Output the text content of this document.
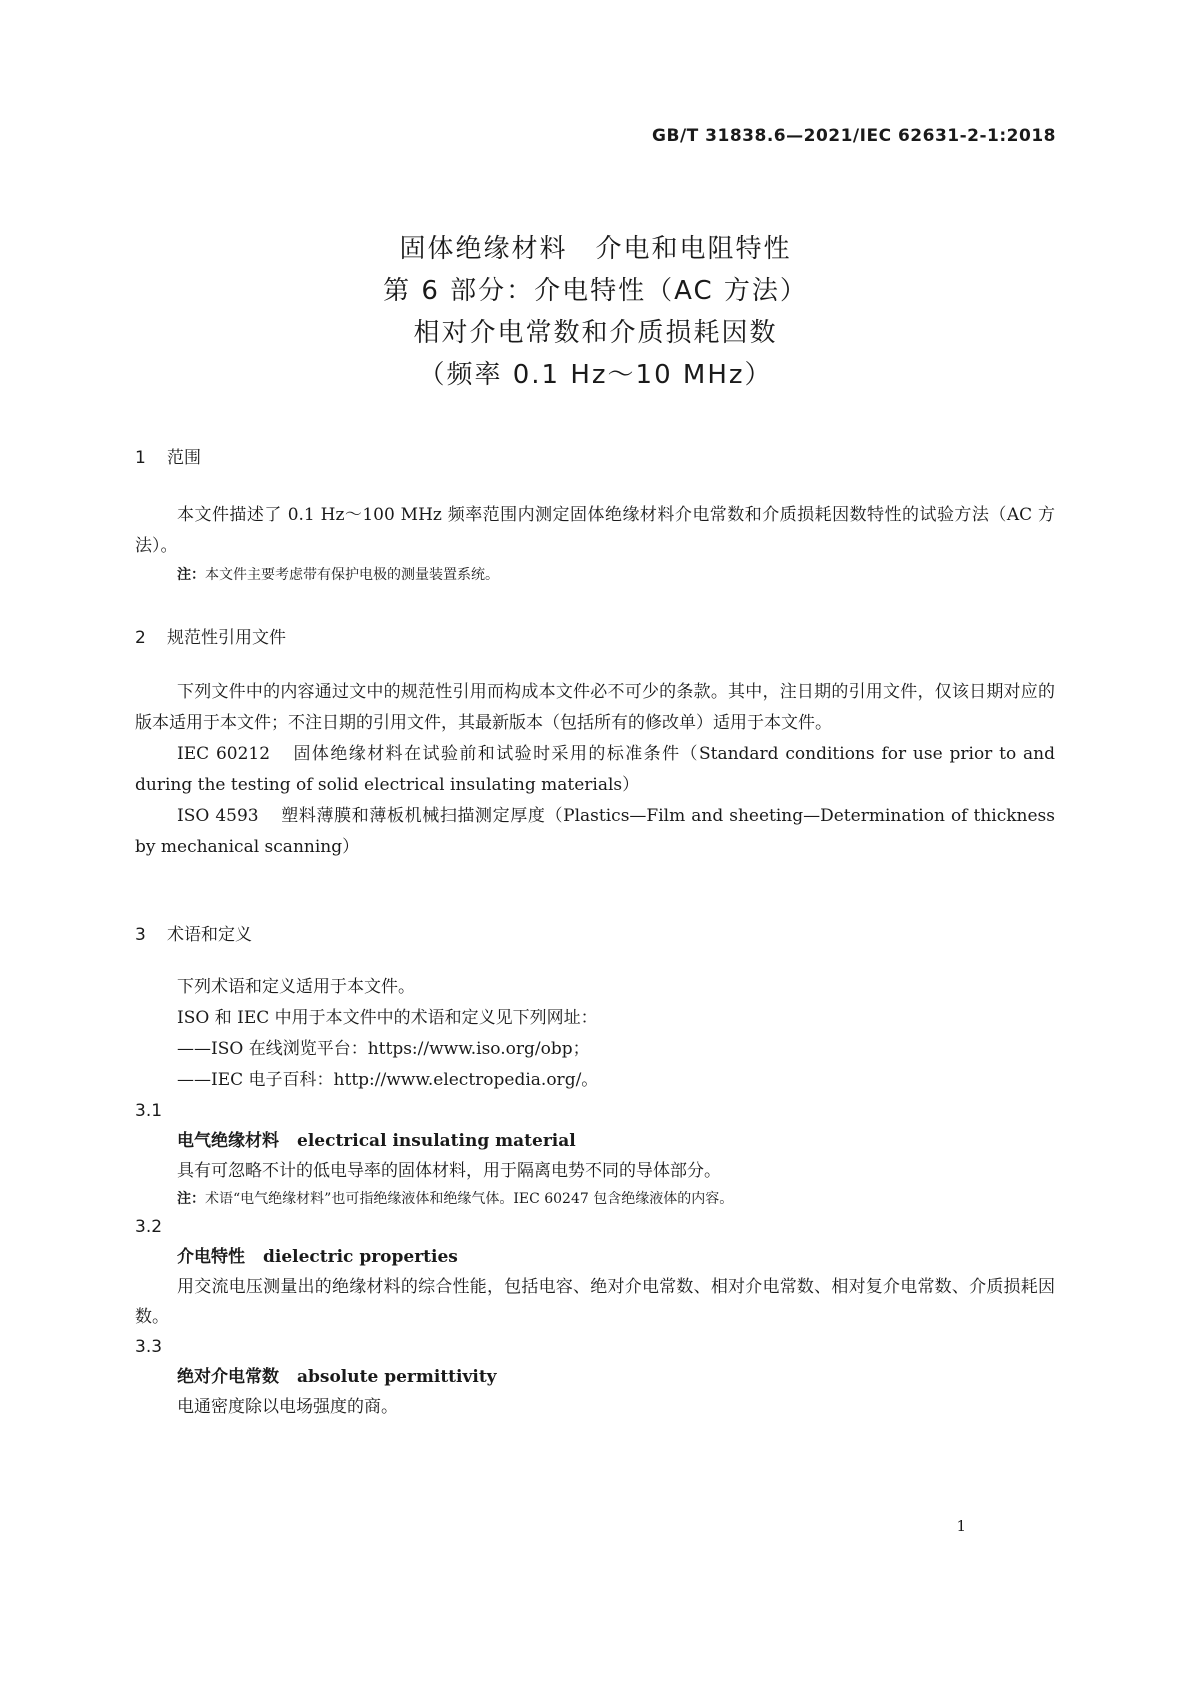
GB/T 31838.6—2021/IEC 62631-2-1:2018
固体绝缘材料　介电和电阻特性
第 6 部分：介电特性（AC 方法）
相对介电常数和介质损耗因数
（频率 0.1 Hz～10 MHz）
1 范围

本文件描述了 0.1 Hz～100 MHz 频率范围内测定固体绝缘材料介电常数和介质损耗因数特性的试验方法（AC 方法）。

注：本文件主要考虑带有保护电极的测量装置系统。

2 规范性引用文件

下列文件中的内容通过文中的规范性引用而构成本文件必不可少的条款。其中，注日期的引用文件，仅该日期对应的版本适用于本文件；不注日期的引用文件，其最新版本（包括所有的修改单）适用于本文件。

IEC 60212 固体绝缘材料在试验前和试验时采用的标准条件（Standard conditions for use prior to and during the testing of solid electrical insulating materials）

ISO 4593 塑料薄膜和薄板机械扫描测定厚度（Plastics—Film and sheeting—Determination of thickness by mechanical scanning）

3 术语和定义

下列术语和定义适用于本文件。

ISO 和 IEC 中用于本文件中的术语和定义见下列网址：

——ISO 在线浏览平台：https://www.iso.org/obp；

——IEC 电子百科：http://www.electropedia.org/。

3.1

电气绝缘材料 electrical insulating material

具有可忽略不计的低电导率的固体材料，用于隔离电势不同的导体部分。

注：术语“电气绝缘材料”也可指绝缘液体和绝缘气体。IEC 60247 包含绝缘液体的内容。

3.2

介电特性 dielectric properties

用交流电压测量出的绝缘材料的综合性能，包括电容、绝对介电常数、相对介电常数、相对复介电常数、介质损耗因数。

3.3

绝对介电常数 absolute permittivity

电通密度除以电场强度的商。

1
